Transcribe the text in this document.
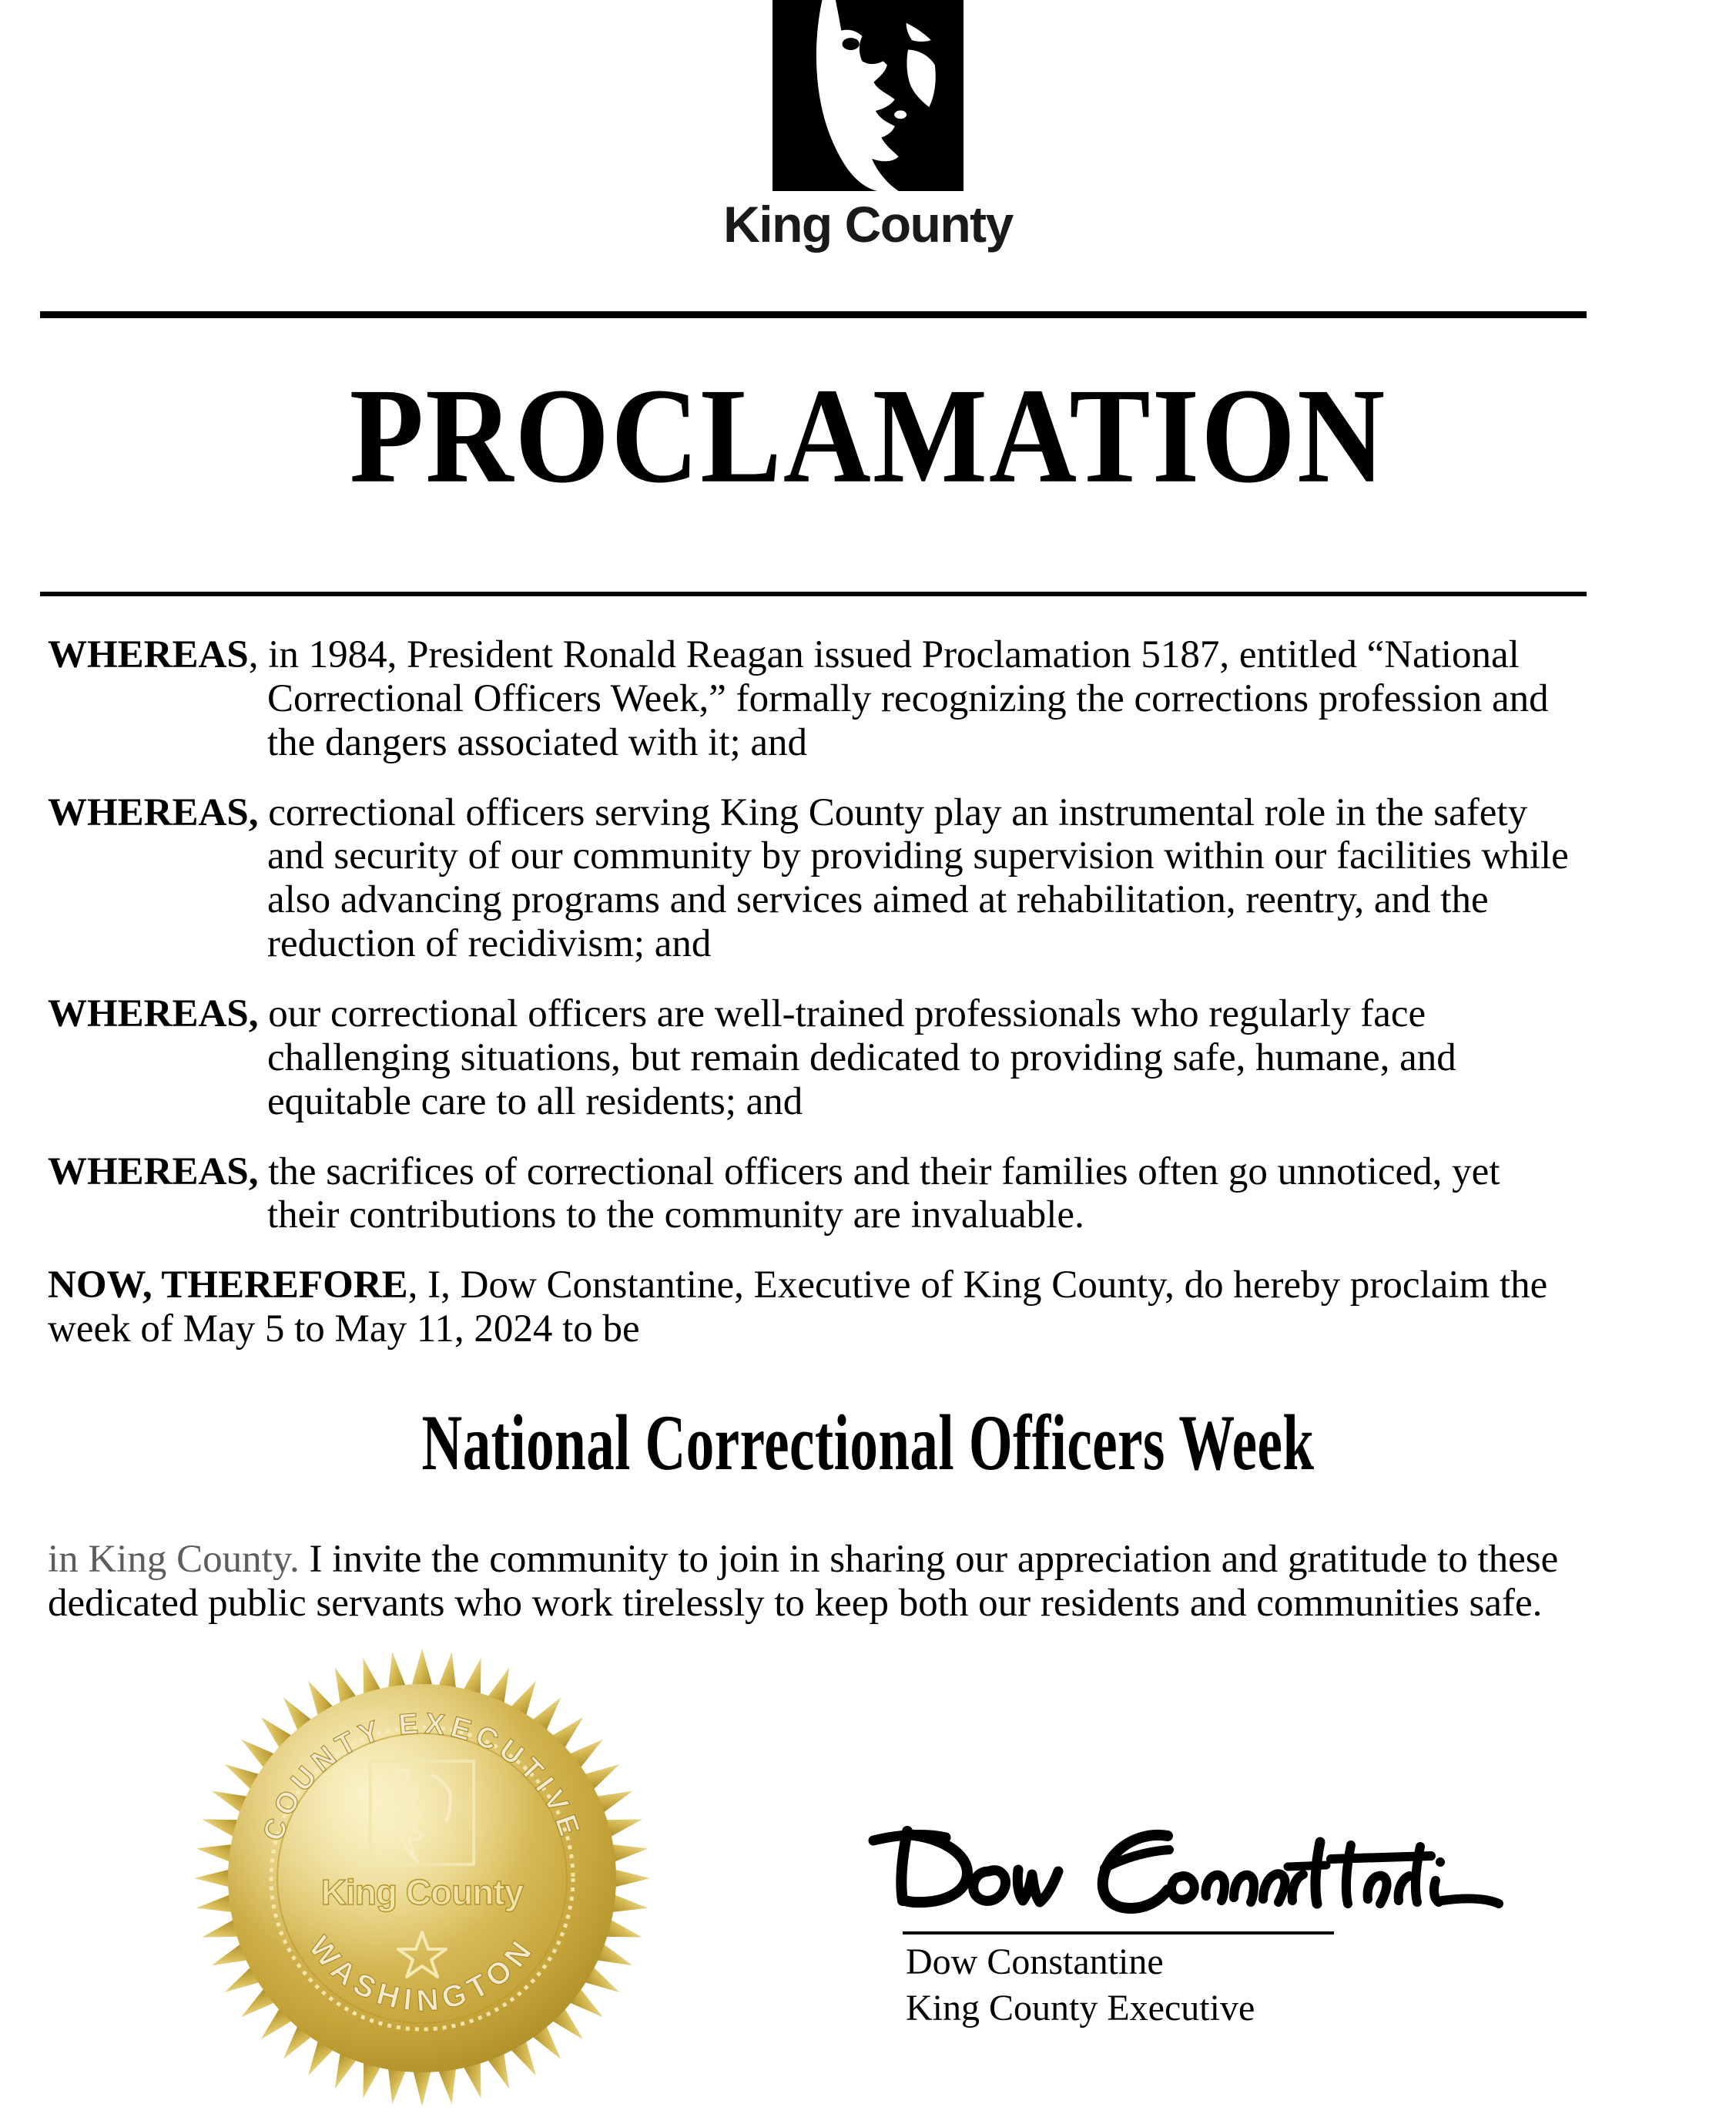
King County
PROCLAMATION

WHEREAS, in 1984, President Ronald Reagan issued Proclamation 5187, entitled “National Correctional Officers Week,” formally recognizing the corrections profession and the dangers associated with it; and

WHEREAS, correctional officers serving King County play an instrumental role in the safety and security of our community by providing supervision within our facilities while also advancing programs and services aimed at rehabilitation, reentry, and the reduction of recidivism; and

WHEREAS, our correctional officers are well-trained professionals who regularly face challenging situations, but remain dedicated to providing safe, humane, and equitable care to all residents; and

WHEREAS, the sacrifices of correctional officers and their families often go unnoticed, yet their contributions to the community are invaluable.

NOW, THEREFORE, I, Dow Constantine, Executive of King County, do hereby proclaim the week of May 5 to May 11, 2024 to be

National Correctional Officers Week

in King County. I invite the community to join in sharing our appreciation and gratitude to these dedicated public servants who work tirelessly to keep both our residents and communities safe.

COUNTY EXECUTIVE
WASHINGTON
King County
Dow Constantine
King County Executive
